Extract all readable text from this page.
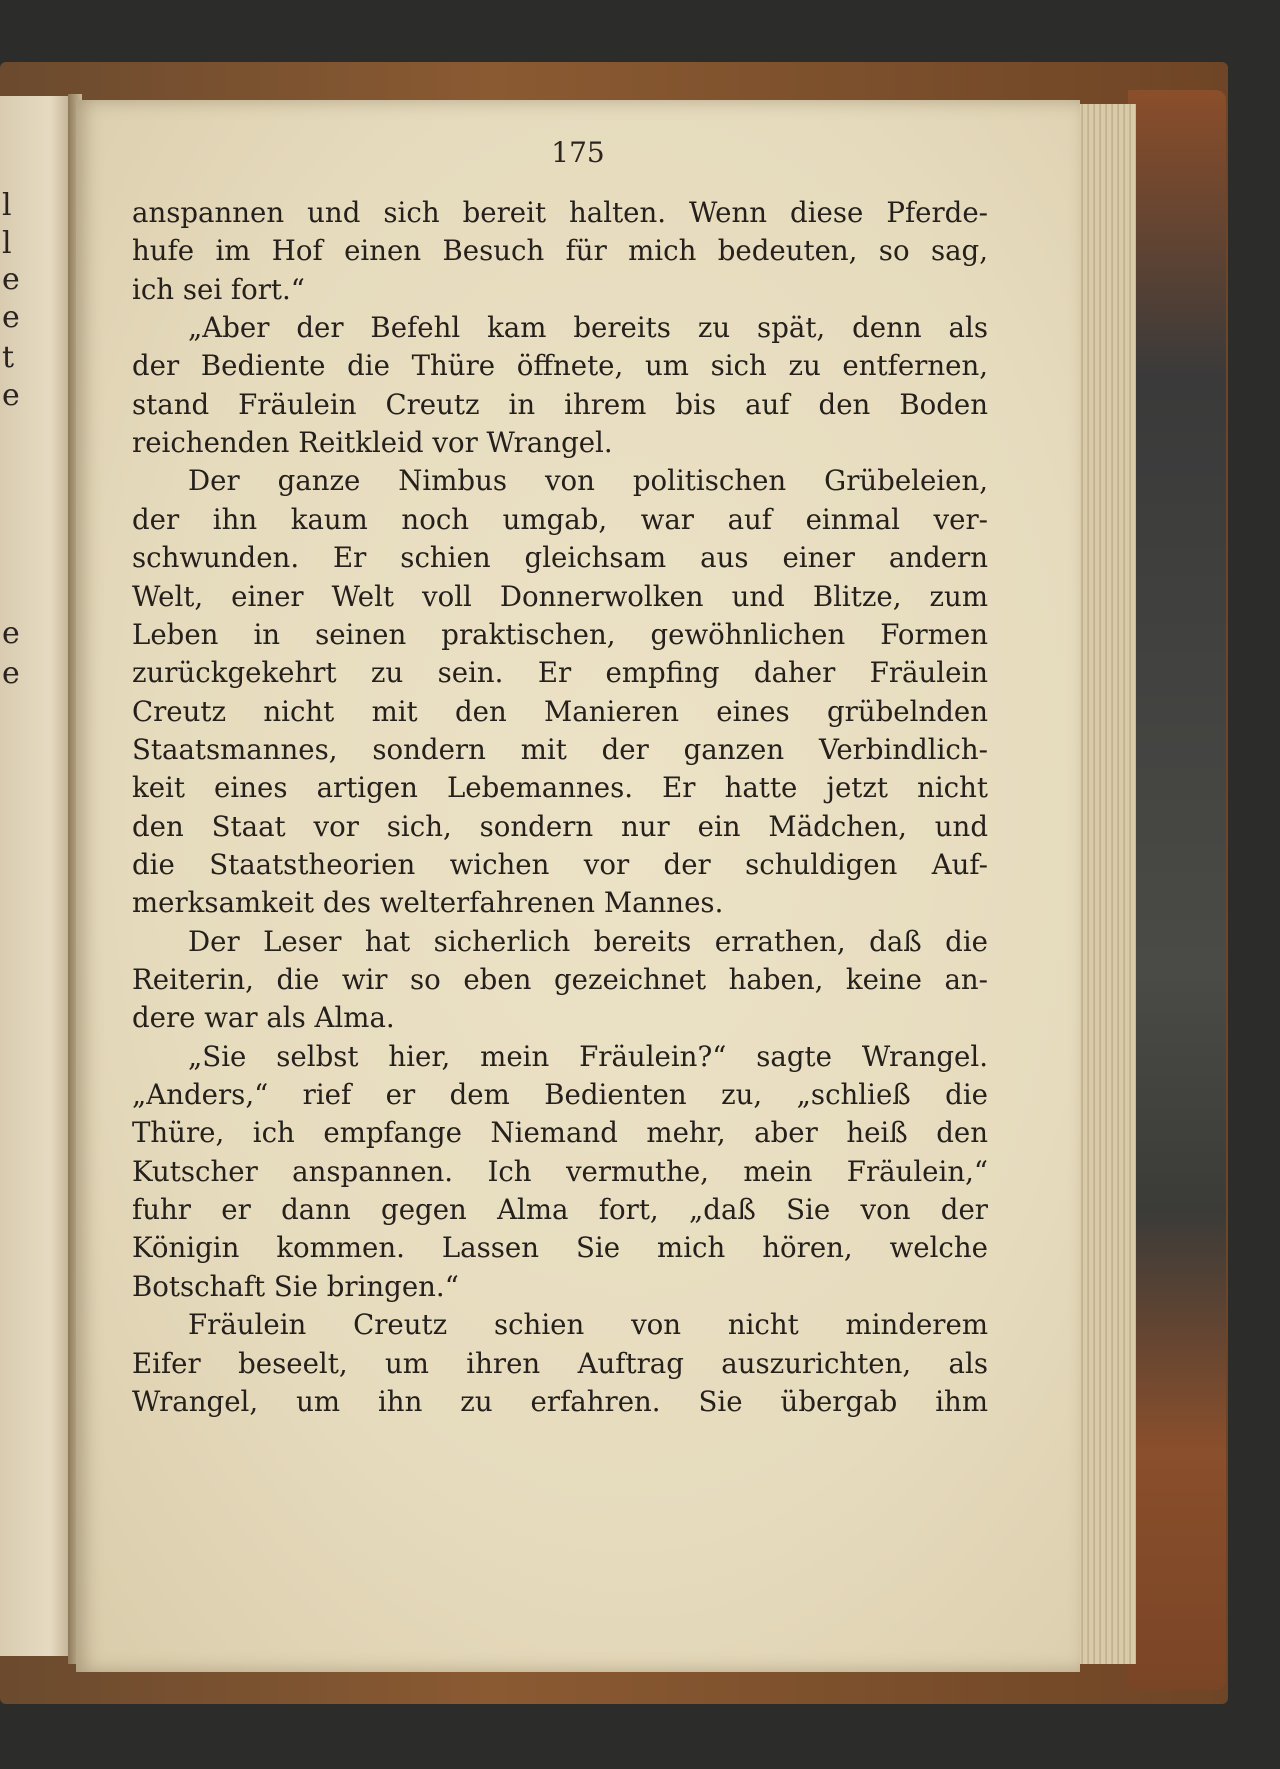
l
l
e
e
t
e
e
e
175

anspannen und sich bereit halten. Wenn diese Pferde-

hufe im Hof einen Besuch für mich bedeuten, so sag,

ich sei fort.“

„Aber der Befehl kam bereits zu spät, denn als

der Bediente die Thüre öffnete, um sich zu entfernen,

stand Fräulein Creutz in ihrem bis auf den Boden

reichenden Reitkleid vor Wrangel.

Der ganze Nimbus von politischen Grübeleien,

der ihn kaum noch umgab, war auf einmal ver-

schwunden. Er schien gleichsam aus einer andern

Welt, einer Welt voll Donnerwolken und Blitze, zum

Leben in seinen praktischen, gewöhnlichen Formen

zurückgekehrt zu sein. Er empfing daher Fräulein

Creutz nicht mit den Manieren eines grübelnden

Staatsmannes, sondern mit der ganzen Verbindlich-

keit eines artigen Lebemannes. Er hatte jetzt nicht

den Staat vor sich, sondern nur ein Mädchen, und

die Staatstheorien wichen vor der schuldigen Auf-

merksamkeit des welterfahrenen Mannes.

Der Leser hat sicherlich bereits errathen, daß die

Reiterin, die wir so eben gezeichnet haben, keine an-

dere war als Alma.

„Sie selbst hier, mein Fräulein?“ sagte Wrangel.

„Anders,“ rief er dem Bedienten zu, „schließ die

Thüre, ich empfange Niemand mehr, aber heiß den

Kutscher anspannen. Ich vermuthe, mein Fräulein,“

fuhr er dann gegen Alma fort, „daß Sie von der

Königin kommen. Lassen Sie mich hören, welche

Botschaft Sie bringen.“

Fräulein Creutz schien von nicht minderem

Eifer beseelt, um ihren Auftrag auszurichten, als

Wrangel, um ihn zu erfahren. Sie übergab ihm
